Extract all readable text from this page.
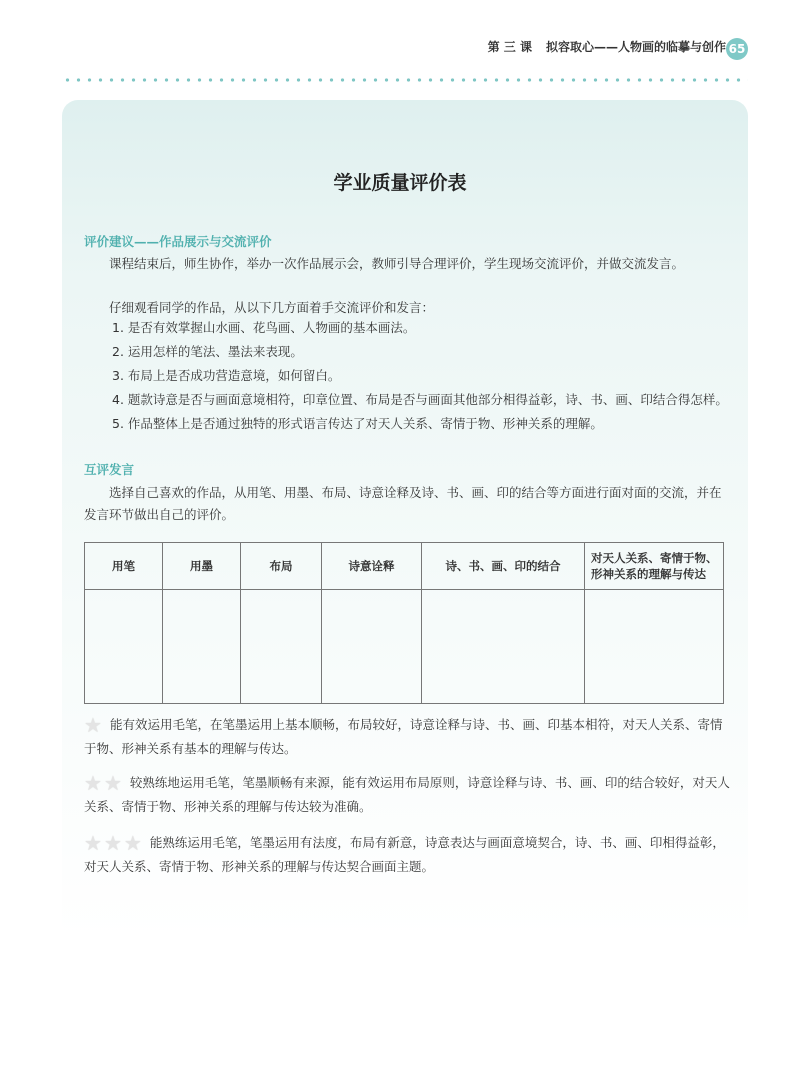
第 三 课 拟容取心——人物画的临摹与创作 65
学业质量评价表
评价建议——作品展示与交流评价
课程结束后，师生协作，举办一次作品展示会，教师引导合理评价，学生现场交流评价，并做交流发言。
仔细观看同学的作品，从以下几方面着手交流评价和发言：
1. 是否有效掌握山水画、花鸟画、人物画的基本画法。
2. 运用怎样的笔法、墨法来表现。
3. 布局上是否成功营造意境，如何留白。
4. 题款诗意是否与画面意境相符，印章位置、布局是否与画面其他部分相得益彰，诗、书、画、印结合得怎样。
5. 作品整体上是否通过独特的形式语言传达了对天人关系、寄情于物、形神关系的理解。
互评发言
选择自己喜欢的作品，从用笔、用墨、布局、诗意诠释及诗、书、画、印的结合等方面进行面对面的交流，并在发言环节做出自己的评价。
用笔	用墨	布局	诗意诠释	诗、书、画、印的结合	对天人关系、寄情于物、形神关系的理解与传达

★ 能有效运用毛笔，在笔墨运用上基本顺畅，布局较好，诗意诠释与诗、书、画、印基本相符，对天人关系、寄情于物、形神关系有基本的理解与传达。
★ ★ 较熟练地运用毛笔，笔墨顺畅有来源，能有效运用布局原则，诗意诠释与诗、书、画、印的结合较好，对天人关系、寄情于物、形神关系的理解与传达较为准确。
★ ★ ★ 能熟练运用毛笔，笔墨运用有法度，布局有新意，诗意表达与画面意境契合，诗、书、画、印相得益彰，对天人关系、寄情于物、形神关系的理解与传达契合画面主题。
